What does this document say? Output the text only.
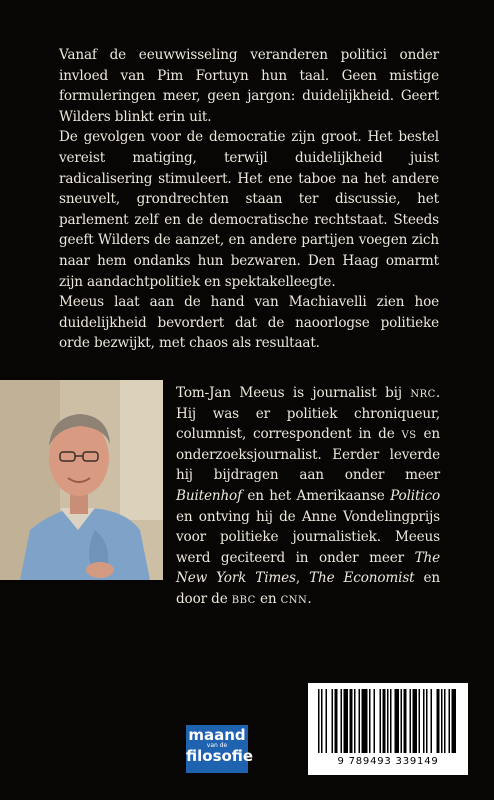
Vanaf de eeuwwisseling veranderen politici onder invloed van Pim Fortuyn hun taal. Geen mistige formuleringen meer, geen jargon: duidelijkheid. Geert Wilders blinkt erin uit.

De gevolgen voor de democratie zijn groot. Het bestel vereist matiging, terwijl duidelijkheid juist radicalisering stimuleert. Het ene taboe na het andere sneuvelt, grondrechten staan ter discussie, het parlement zelf en de democratische rechtstaat. Steeds geeft Wilders de aanzet, en andere partijen voegen zich naar hem ondanks hun bezwaren. Den Haag omarmt zijn aandachtpolitiek en spektakelleegte.

Meeus laat aan de hand van Machiavelli zien hoe duidelijkheid bevordert dat de naoorlogse politieke orde bezwijkt, met chaos als resultaat.

Tom-Jan Meeus is journalist bij nrc. Hij was er politiek chroniqueur, columnist, correspondent in de vs en onderzoeksjournalist. Eerder leverde hij bijdragen aan onder meer Buitenhof en het Amerikaanse Politico en ontving hij de Anne Vondelingprijs voor politieke journalistiek. Meeus werd geciteerd in onder meer The New York Times, The Economist en door de bbc en cnn.

maand
van de
filosofie	9 789493 339149
